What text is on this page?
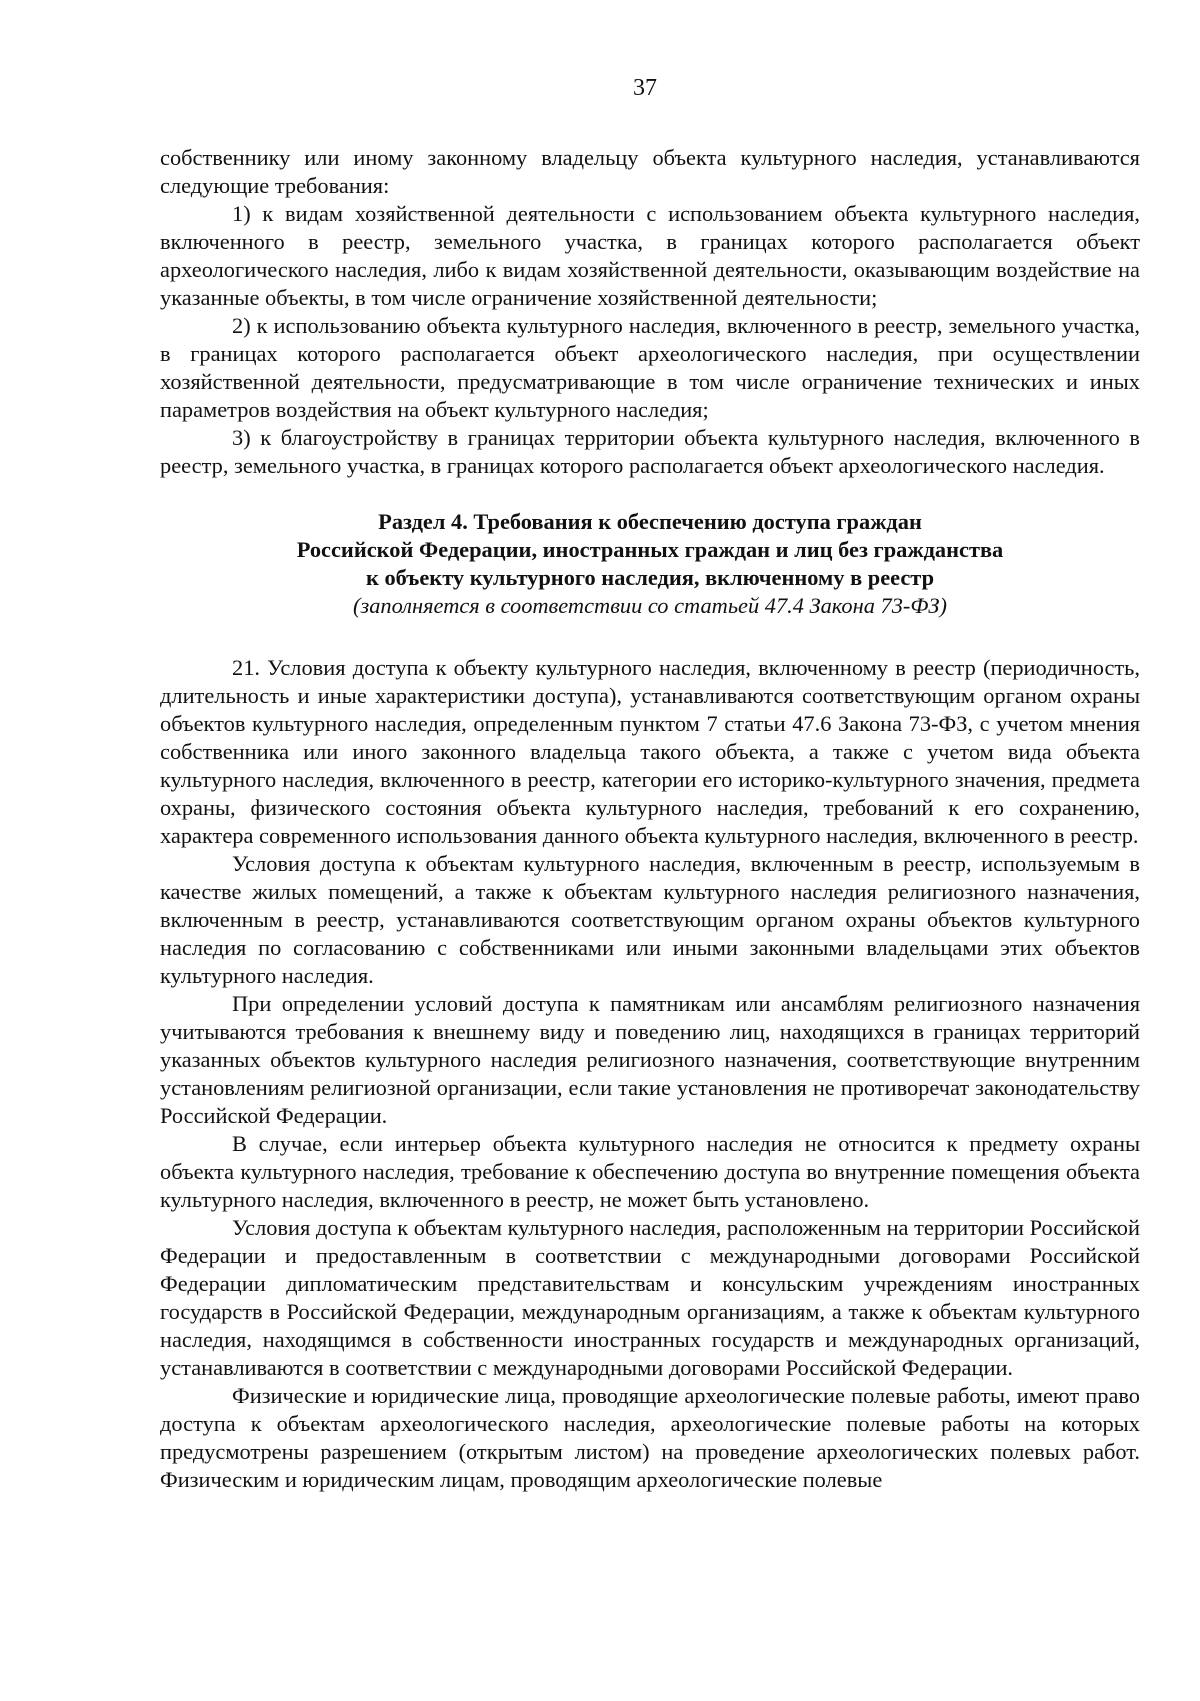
37

собственнику или иному законному владельцу объекта культурного наследия, устанавливаются следующие требования:

1) к видам хозяйственной деятельности с использованием объекта культурного наследия, включенного в реестр, земельного участка, в границах которого располагается объект археологического наследия, либо к видам хозяйственной деятельности, оказывающим воздействие на указанные объекты, в том числе ограничение хозяйственной деятельности;

2) к использованию объекта культурного наследия, включенного в реестр, земельного участка, в границах которого располагается объект археологического наследия, при осуществлении хозяйственной деятельности, предусматривающие в том числе ограничение технических и иных параметров воздействия на объект культурного наследия;

3) к благоустройству в границах территории объекта культурного наследия, включенного в реестр, земельного участка, в границах которого располагается объект археологического наследия.

Раздел 4. Требования к обеспечению доступа граждан
Российской Федерации, иностранных граждан и лиц без гражданства
к объекту культурного наследия, включенному в реестр
(заполняется в соответствии со статьей 47.4 Закона 73-ФЗ)

21. Условия доступа к объекту культурного наследия, включенному в реестр (периодичность, длительность и иные характеристики доступа), устанавливаются соответствующим органом охраны объектов культурного наследия, определенным пунктом 7 статьи 47.6 Закона 73-ФЗ, с учетом мнения собственника или иного законного владельца такого объекта, а также с учетом вида объекта культурного наследия, включенного в реестр, категории его историко-культурного значения, предмета охраны, физического состояния объекта культурного наследия, требований к его сохранению, характера современного использования данного объекта культурного наследия, включенного в реестр.

Условия доступа к объектам культурного наследия, включенным в реестр, используемым в качестве жилых помещений, а также к объектам культурного наследия религиозного назначения, включенным в реестр, устанавливаются соответствующим органом охраны объектов культурного наследия по согласованию с собственниками или иными законными владельцами этих объектов культурного наследия.

При определении условий доступа к памятникам или ансамблям религиозного назначения учитываются требования к внешнему виду и поведению лиц, находящихся в границах территорий указанных объектов культурного наследия религиозного назначения, соответствующие внутренним установлениям религиозной организации, если такие установления не противоречат законодательству Российской Федерации.

В случае, если интерьер объекта культурного наследия не относится к предмету охраны объекта культурного наследия, требование к обеспечению доступа во внутренние помещения объекта культурного наследия, включенного в реестр, не может быть установлено.

Условия доступа к объектам культурного наследия, расположенным на территории Российской Федерации и предоставленным в соответствии с международными договорами Российской Федерации дипломатическим представительствам и консульским учреждениям иностранных государств в Российской Федерации, международным организациям, а также к объектам культурного наследия, находящимся в собственности иностранных государств и международных организаций, устанавливаются в соответствии с международными договорами Российской Федерации.

Физические и юридические лица, проводящие археологические полевые работы, имеют право доступа к объектам археологического наследия, археологические полевые работы на которых предусмотрены разрешением (открытым листом) на проведение археологических полевых работ. Физическим и юридическим лицам, проводящим археологические полевые
